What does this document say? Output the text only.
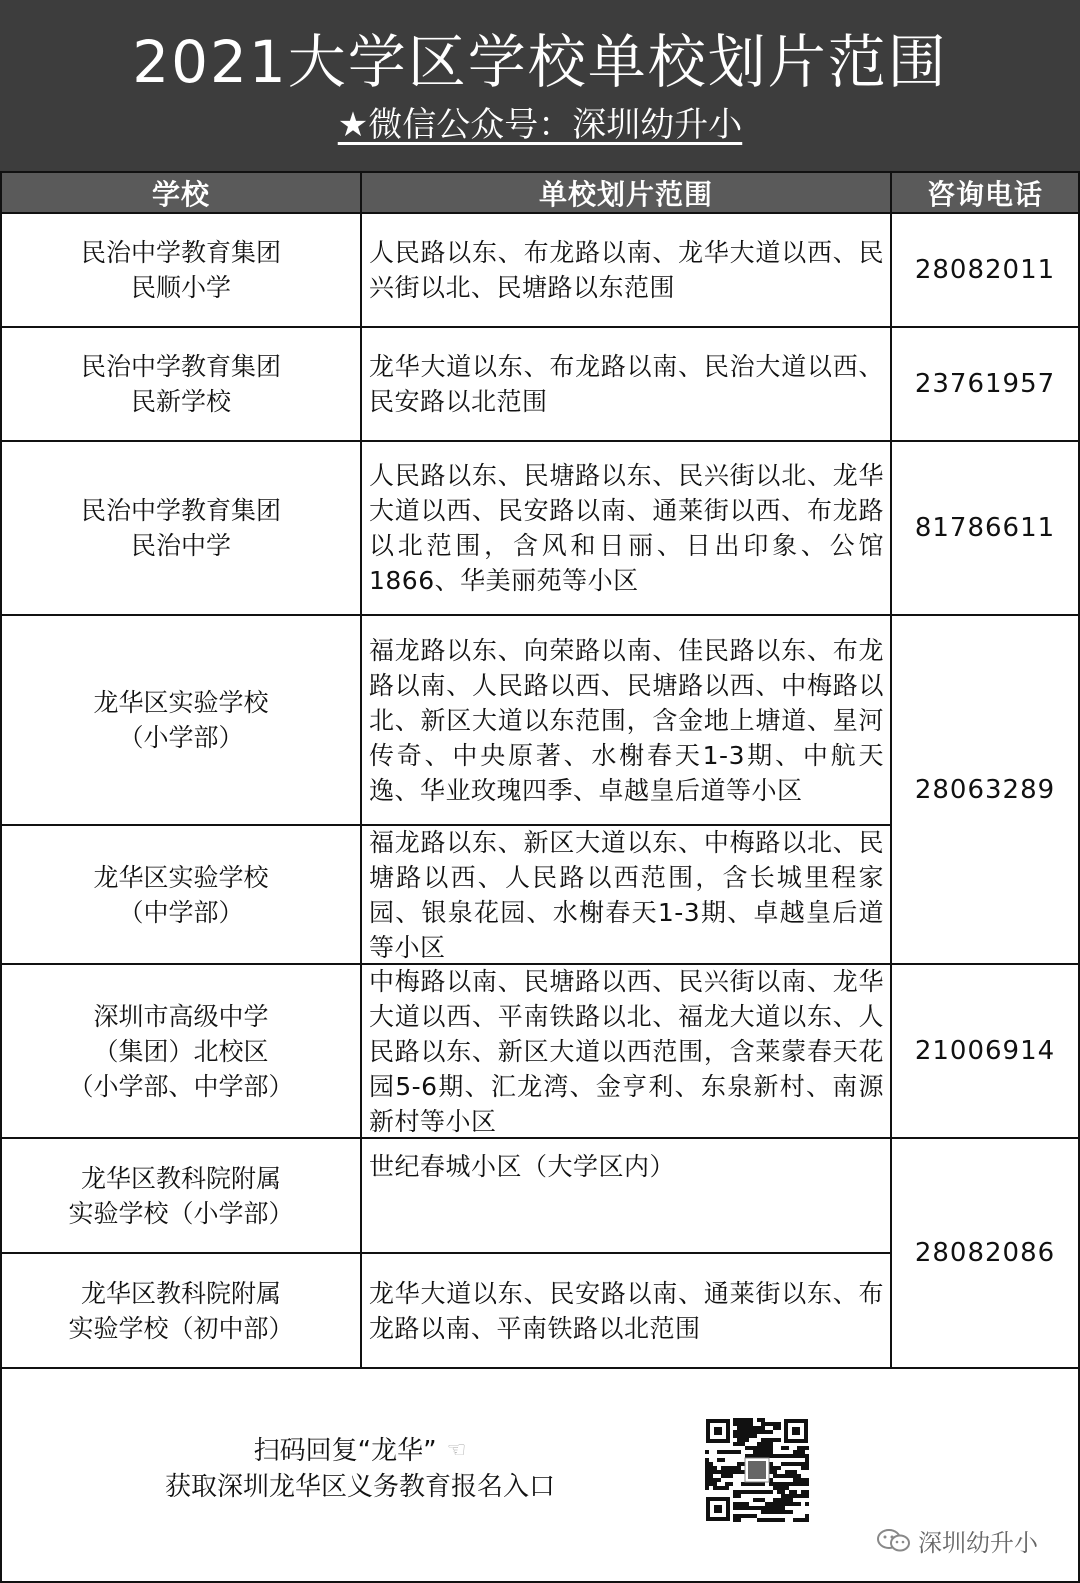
2021大学区学校单校划片范围
★微信公众号：深圳幼升小
学校	单校划片范围	咨询电话
民治中学教育集团
民顺小学
人民路以东、布龙路以南、龙华大道以西、民兴街以北、民塘路以东范围
28082011
民治中学教育集团
民新学校
龙华大道以东、布龙路以南、民治大道以西、民安路以北范围
23761957
民治中学教育集团
民治中学
人民路以东、民塘路以东、民兴街以北、龙华大道以西、民安路以南、通莱街以西、布龙路以北范围，含风和日丽、日出印象、公馆1866、华美丽苑等小区
81786611
龙华区实验学校
（小学部）
福龙路以东、向荣路以南、佳民路以东、布龙路以南、人民路以西、民塘路以西、中梅路以北、新区大道以东范围，含金地上塘道、星河传奇、中央原著、水榭春天1-3期、中航天逸、华业玫瑰四季、卓越皇后道等小区
龙华区实验学校
（中学部）
福龙路以东、新区大道以东、中梅路以北、民塘路以西、人民路以西范围，含长城里程家园、银泉花园、水榭春天1-3期、卓越皇后道等小区
28063289
深圳市高级中学
（集团）北校区
（小学部、中学部）
中梅路以南、民塘路以西、民兴街以南、龙华大道以西、平南铁路以北、福龙大道以东、人民路以东、新区大道以西范围，含莱蒙春天花园5-6期、汇龙湾、金亨利、东泉新村、南源新村等小区
21006914
龙华区教科院附属
实验学校（小学部）
世纪春城小区（大学区内）
龙华区教科院附属
实验学校（初中部）
龙华大道以东、民安路以南、通莱街以东、布龙路以南、平南铁路以北范围
28082086
扫码回复“龙华” ☜
获取深圳龙华区义务教育报名入口
深圳幼升小
